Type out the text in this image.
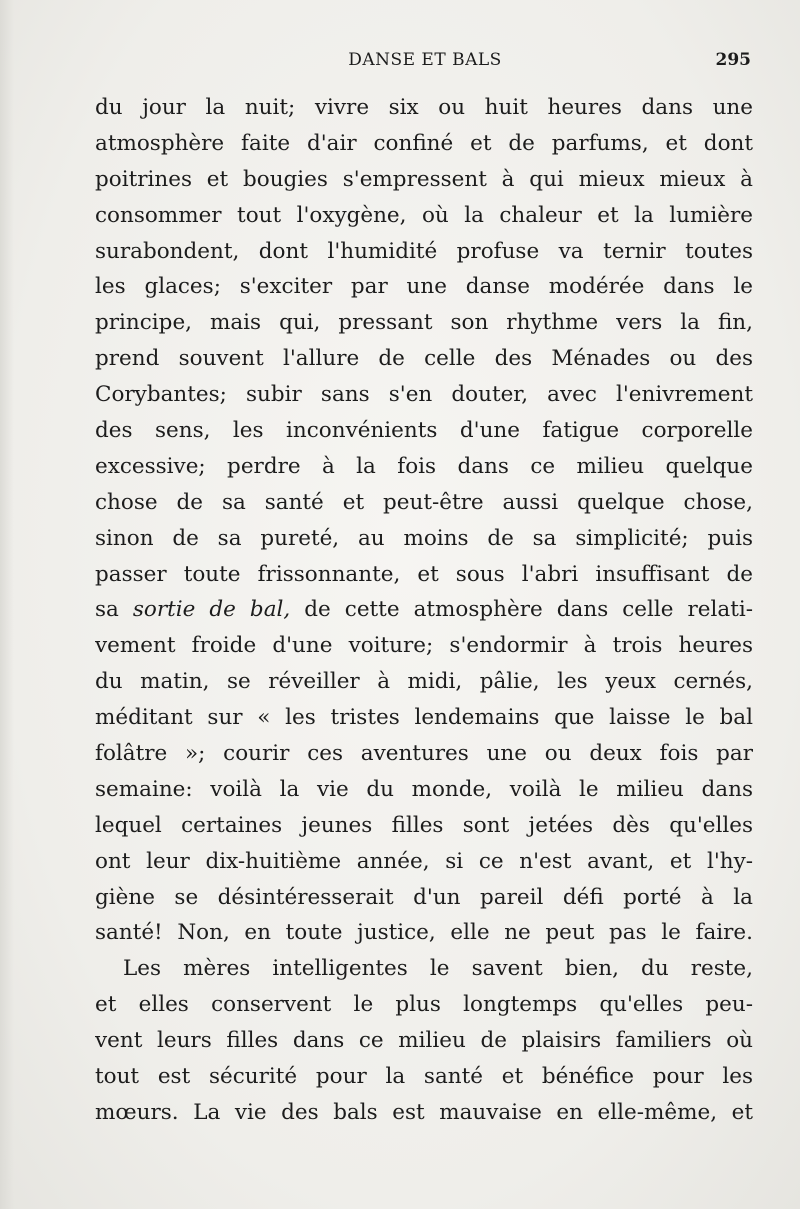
DANSE ET BALS	295
du jour la nuit; vivre six ou huit heures dans une
atmosphère faite d'air confiné et de parfums, et dont
poitrines et bougies s'empressent à qui mieux mieux à
consommer tout l'oxygène, où la chaleur et la lumière
surabondent, dont l'humidité profuse va ternir toutes
les glaces; s'exciter par une danse modérée dans le
principe, mais qui, pressant son rhythme vers la fin,
prend souvent l'allure de celle des Ménades ou des
Corybantes; subir sans s'en douter, avec l'enivrement
des sens, les inconvénients d'une fatigue corporelle
excessive; perdre à la fois dans ce milieu quelque
chose de sa santé et peut-être aussi quelque chose,
sinon de sa pureté, au moins de sa simplicité; puis
passer toute frissonnante, et sous l'abri insuffisant de
sa sortie de bal, de cette atmosphère dans celle relati-
vement froide d'une voiture; s'endormir à trois heures
du matin, se réveiller à midi, pâlie, les yeux cernés,
méditant sur « les tristes lendemains que laisse le bal
folâtre »; courir ces aventures une ou deux fois par
semaine: voilà la vie du monde, voilà le milieu dans
lequel certaines jeunes filles sont jetées dès qu'elles
ont leur dix-huitième année, si ce n'est avant, et l'hy-
giène se désintéresserait d'un pareil défi porté à la
santé! Non, en toute justice, elle ne peut pas le faire.
Les mères intelligentes le savent bien, du reste,
et elles conservent le plus longtemps qu'elles peu-
vent leurs filles dans ce milieu de plaisirs familiers où
tout est sécurité pour la santé et bénéfice pour les
mœurs. La vie des bals est mauvaise en elle-même, et
